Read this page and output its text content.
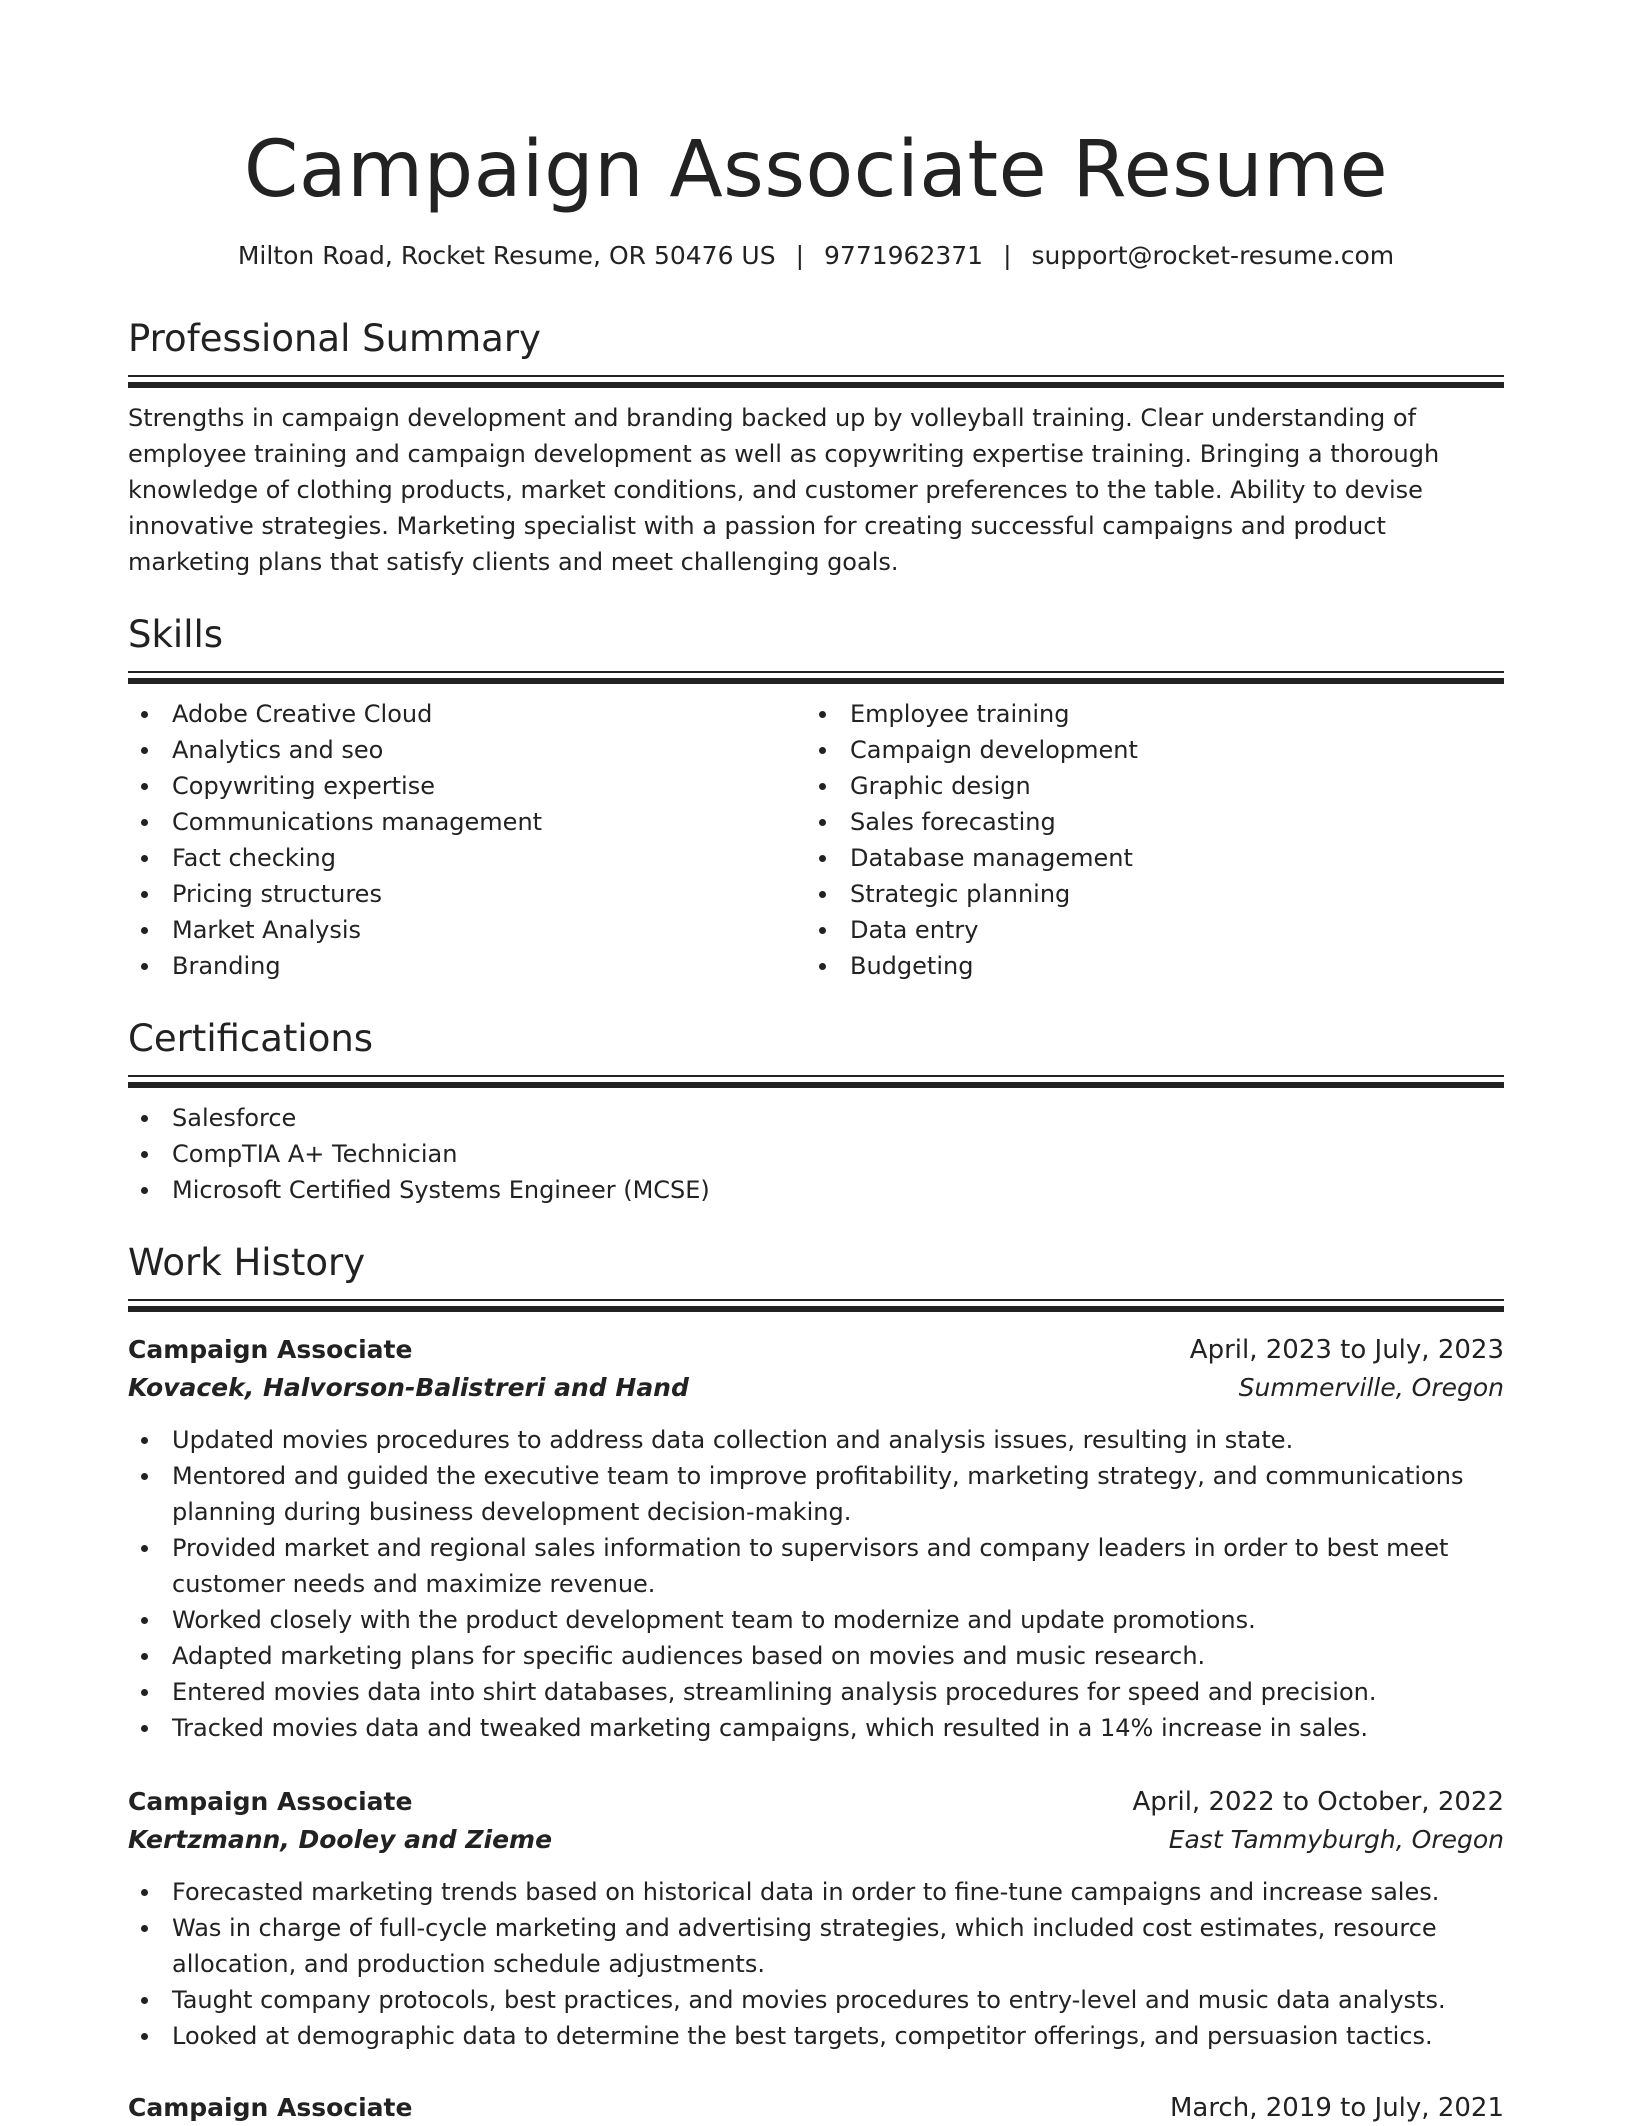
Campaign Associate Resume
Milton Road, Rocket Resume, OR 50476 US | 9771962371 | support@rocket-resume.com
Professional Summary
Strengths in campaign development and branding backed up by volleyball training. Clear understanding of employee training and campaign development as well as copywriting expertise training. Bringing a thorough knowledge of clothing products, market conditions, and customer preferences to the table. Ability to devise innovative strategies. Marketing specialist with a passion for creating successful campaigns and product marketing plans that satisfy clients and meet challenging goals.
Skills
Adobe Creative Cloud
Analytics and seo
Copywriting expertise
Communications management
Fact checking
Pricing structures
Market Analysis
Branding
Employee training
Campaign development
Graphic design
Sales forecasting
Database management
Strategic planning
Data entry
Budgeting
Certifications
Salesforce
CompTIA A+ Technician
Microsoft Certified Systems Engineer (MCSE)
Work History
Campaign Associate	April, 2023 to July, 2023
Kovacek, Halvorson-Balistreri and Hand	Summerville, Oregon
Updated movies procedures to address data collection and analysis issues, resulting in state.
Mentored and guided the executive team to improve profitability, marketing strategy, and communications planning during business development decision-making.
Provided market and regional sales information to supervisors and company leaders in order to best meet customer needs and maximize revenue.
Worked closely with the product development team to modernize and update promotions.
Adapted marketing plans for specific audiences based on movies and music research.
Entered movies data into shirt databases, streamlining analysis procedures for speed and precision.
Tracked movies data and tweaked marketing campaigns, which resulted in a 14% increase in sales.
Campaign Associate	April, 2022 to October, 2022
Kertzmann, Dooley and Zieme	East Tammyburgh, Oregon
Forecasted marketing trends based on historical data in order to fine-tune campaigns and increase sales.
Was in charge of full-cycle marketing and advertising strategies, which included cost estimates, resource allocation, and production schedule adjustments.
Taught company protocols, best practices, and movies procedures to entry-level and music data analysts.
Looked at demographic data to determine the best targets, competitor offerings, and persuasion tactics.
Campaign Associate	March, 2019 to July, 2021
